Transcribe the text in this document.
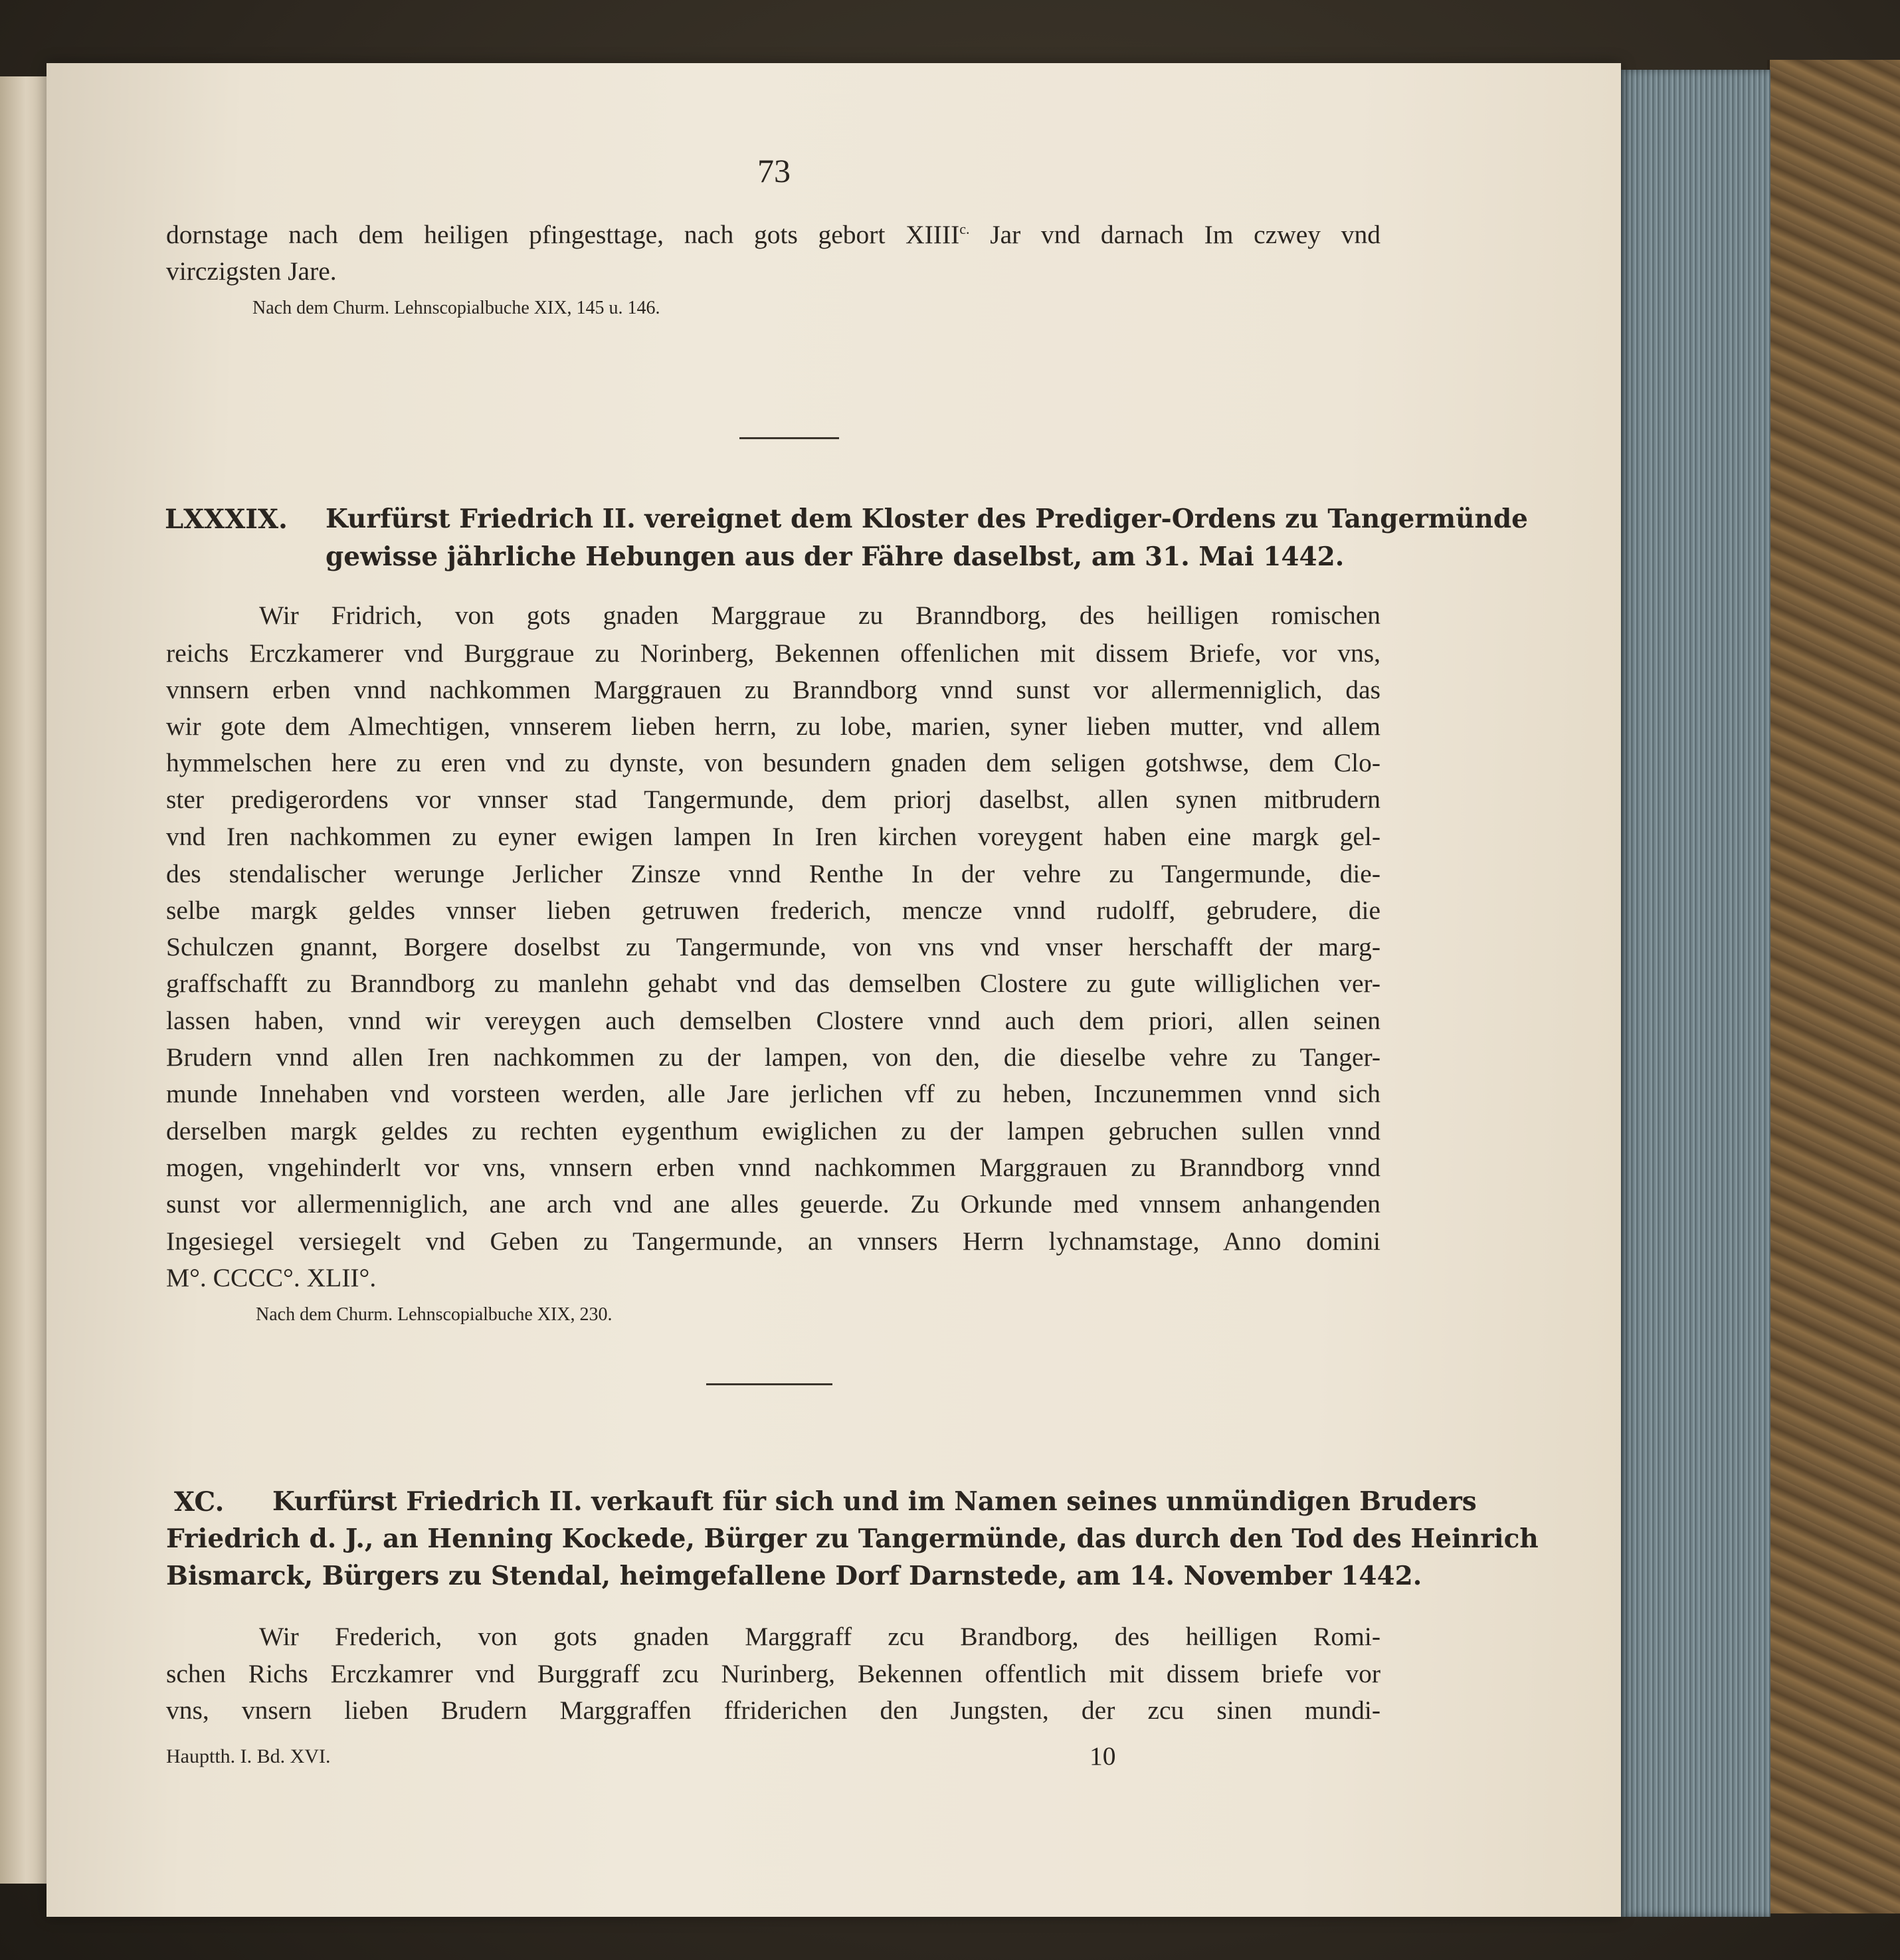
73
dornstage nach dem heiligen pfingesttage, nach gots gebort $XIIII^{c.}$ Jar vnd darnach Im czwey vnd
virczigsten Jare.
Nach dem Churm. Lehnscopialbuche XIX, 145 u. 146.
LXXXIX. Kurfürst Friedrich II. vereignet dem Kloster des Prediger-Ordens zu Tangermünde
gewisse jährliche Hebungen aus der Fähre daselbst, am 31. Mai 1442.
Wir Fridrich, von gots gnaden Marggraue zu Branndborg, des heilligen romischen
reichs Erczkamerer vnd Burggraue zu Norinberg, Bekennen offenlichen mit dissem Briefe, vor vns,
vnnsern erben vnnd nachkommen Marggrauen zu Branndborg vnnd sunst vor allermenniglich, das
wir gote dem Almechtigen, vnnserem lieben herrn, zu lobe, marien, syner lieben mutter, vnd allem
hymmelschen here zu eren vnd zu dynste, von besundern gnaden dem seligen gotshwse, dem Clo-
ster predigerordens vor vnnser stad Tangermunde, dem priorj daselbst, allen synen mitbrudern
vnd Iren nachkommen zu eyner ewigen lampen In Iren kirchen voreygent haben eine margk gel-
des stendalischer werunge Jerlicher Zinsze vnnd Renthe In der vehre zu Tangermunde, die-
selbe margk geldes vnnser lieben getruwen frederich, mencze vnnd rudolff, gebrudere, die
Schulczen gnannt, Borgere doselbst zu Tangermunde, von vns vnd vnser herschafft der marg-
graffschafft zu Branndborg zu manlehn gehabt vnd das demselben Clostere zu gute williglichen ver-
lassen haben, vnnd wir vereygen auch demselben Clostere vnnd auch dem priori, allen seinen
Brudern vnnd allen Iren nachkommen zu der lampen, von den, die dieselbe vehre zu Tanger-
munde Innehaben vnd vorsteen werden, alle Jare jerlichen vff zu heben, Inczunemmen vnnd sich
derselben margk geldes zu rechten eygenthum ewiglichen zu der lampen gebruchen sullen vnnd
mogen, vngehinderlt vor vns, vnnsern erben vnnd nachkommen Marggrauen zu Branndborg vnnd
sunst vor allermenniglich, ane arch vnd ane alles geuerde. Zu Orkunde med vnnsem anhangenden
Ingesiegel versiegelt vnd Geben zu Tangermunde, an vnnsers Herrn lychnamstage, Anno domini
M°. CCCC°. XLII°.
Nach dem Churm. Lehnscopialbuche XIX, 230.
XC. Kurfürst Friedrich II. verkauft für sich und im Namen seines unmündigen Bruders
Friedrich d. J., an Henning Kockede, Bürger zu Tangermünde, das durch den Tod des Heinrich
Bismarck, Bürgers zu Stendal, heimgefallene Dorf Darnstede, am 14. November 1442.
Wir Frederich, von gots gnaden Marggraff zcu Brandborg, des heilligen Romi-
schen Richs Erczkamrer vnd Burggraff zcu Nurinberg, Bekennen offentlich mit dissem briefe vor
vns, vnsern lieben Brudern Marggraffen ffriderichen den Jungsten, der zcu sinen mundi-
Hauptth. I. Bd. XVI.	10
